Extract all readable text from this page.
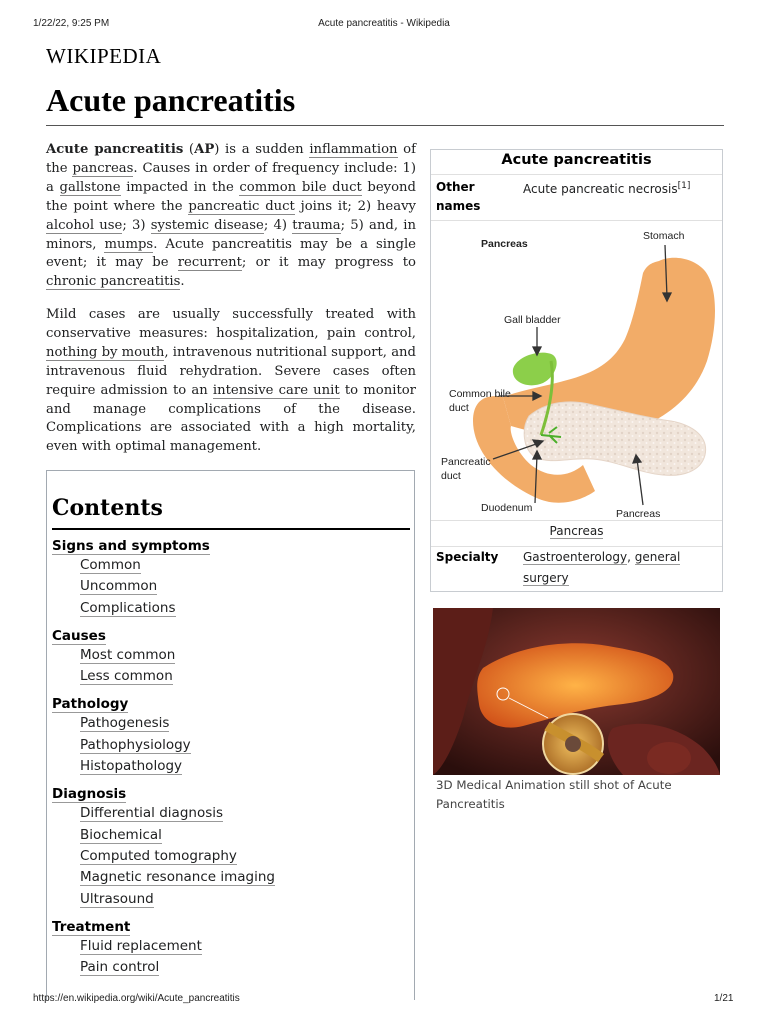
1/22/22, 9:25 PM	Acute pancreatitis - Wikipedia
WIKIPEDIA
Acute pancreatitis

Acute pancreatitis (AP) is a sudden inflammation of the pancreas. Causes in order of frequency include: 1) a gallstone impacted in the common bile duct beyond the point where the pancreatic duct joins it; 2) heavy alcohol use; 3) systemic disease; 4) trauma; 5) and, in minors, mumps. Acute pancreatitis may be a single event; it may be recurrent; or it may progress to chronic pancreatitis.

Mild cases are usually successfully treated with conservative measures: hospitalization, pain control, nothing by mouth, intravenous nutritional support, and intravenous fluid rehydration. Severe cases often require admission to an intensive care unit to monitor and manage complications of the disease. Complications are associated with a high mortality, even with optimal management.

Contents
Signs and symptoms
Common
Uncommon
Complications
Causes
Most common
Less common
Pathology
Pathogenesis
Pathophysiology
Histopathology
Diagnosis
Differential diagnosis
Biochemical
Computed tomography
Magnetic resonance imaging
Ultrasound
Treatment
Fluid replacement
Pain control
Acute pancreatitis
Other names
Acute pancreatic necrosis[1]
Pancreas
Stomach
Gall bladder
Common bile
duct
Pancreatic
duct
Duodenum	Pancreas
Pancreas
Specialty Gastroenterology, general surgery
3D Medical Animation still shot of Acute Pancreatitis
https://en.wikipedia.org/wiki/Acute_pancreatitis	1/21
